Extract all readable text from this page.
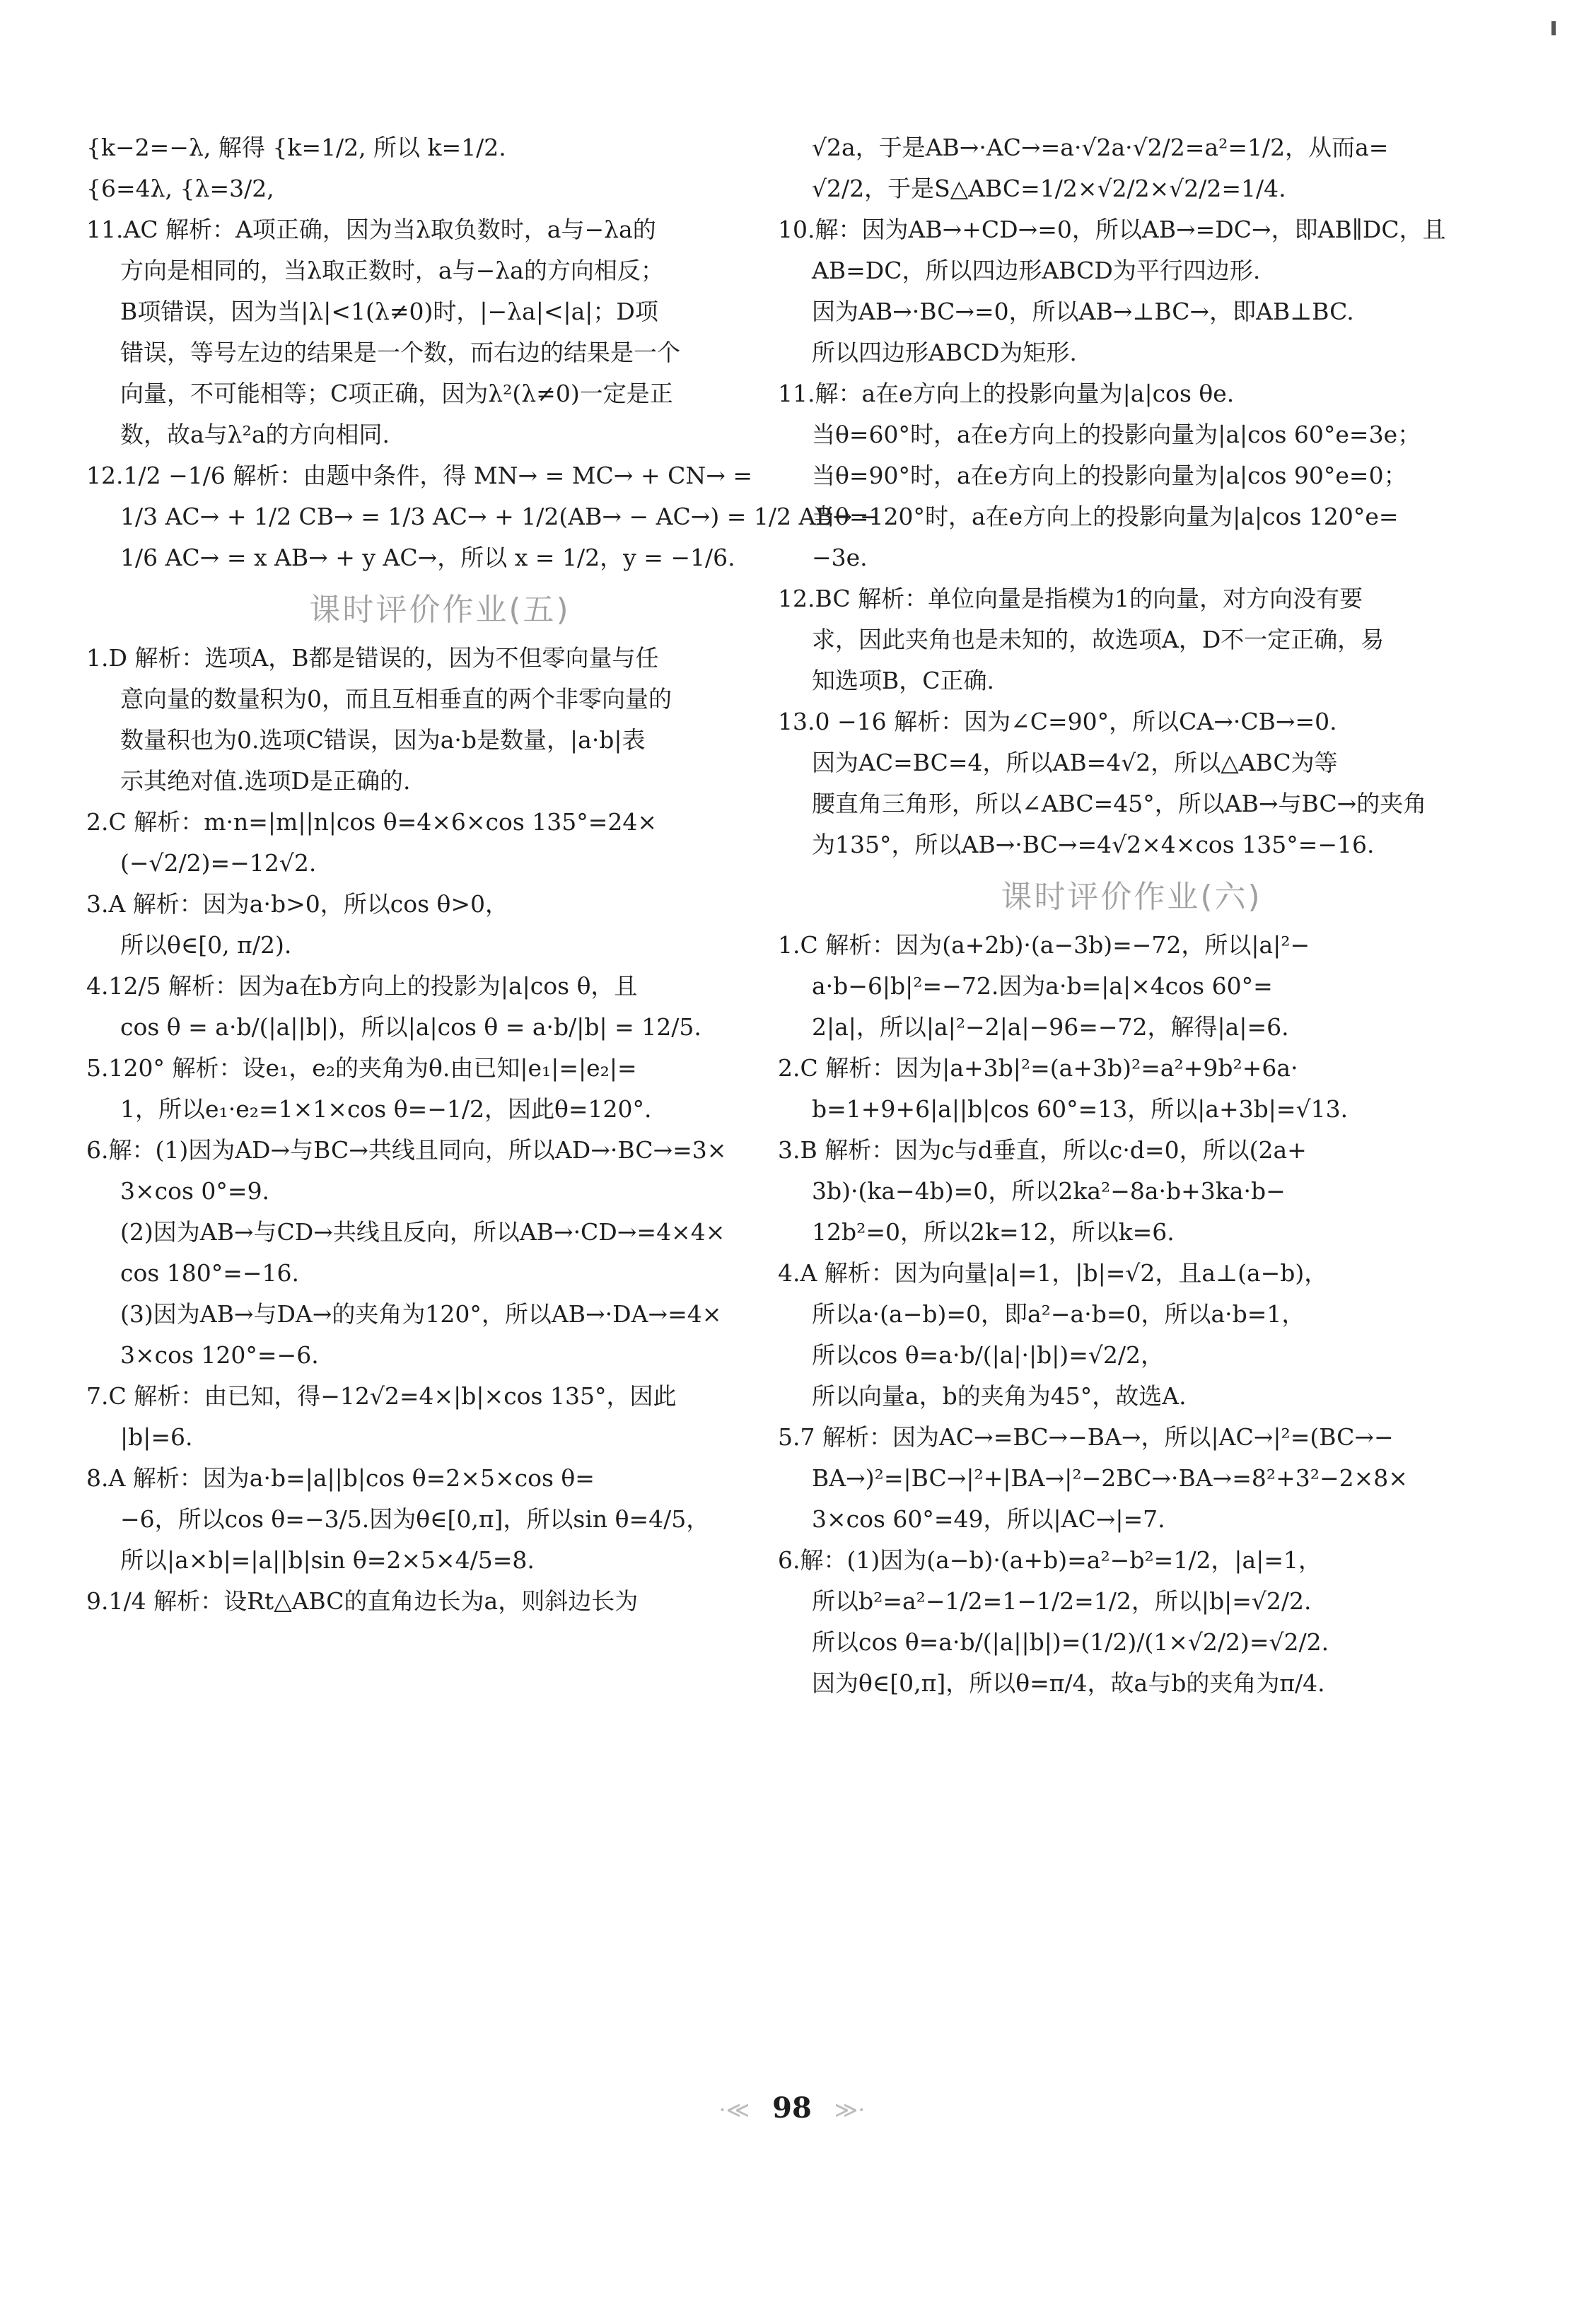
{k−2=−λ, 解得 {k=1/2, 所以 k=1/2.

{6=4λ, {λ=3/2,

11.AC 解析：A项正确，因为当λ取负数时，a与−λa的

方向是相同的，当λ取正数时，a与−λa的方向相反；

B项错误，因为当|λ|<1(λ≠0)时，|−λa|<|a|；D项

错误，等号左边的结果是一个数，而右边的结果是一个

向量，不可能相等；C项正确，因为λ²(λ≠0)一定是正

数，故a与λ²a的方向相同.

12.1/2 −1/6 解析：由题中条件，得 MN→ = MC→ + CN→ =

1/3 AC→ + 1/2 CB→ = 1/3 AC→ + 1/2(AB→ − AC→) = 1/2 AB→ −

1/6 AC→ = x AB→ + y AC→，所以 x = 1/2，y = −1/6.

课时评价作业(五)

1.D 解析：选项A，B都是错误的，因为不但零向量与任

意向量的数量积为0，而且互相垂直的两个非零向量的

数量积也为0.选项C错误，因为a·b是数量，|a·b|表

示其绝对值.选项D是正确的.

2.C 解析：m·n=|m||n|cos θ=4×6×cos 135°=24×

(−√2/2)=−12√2.

3.A 解析：因为a·b>0，所以cos θ>0，

所以θ∈[0, π/2).

4.12/5 解析：因为a在b方向上的投影为|a|cos θ，且

cos θ = a·b/(|a||b|)，所以|a|cos θ = a·b/|b| = 12/5.

5.120° 解析：设e₁，e₂的夹角为θ.由已知|e₁|=|e₂|=

1，所以e₁·e₂=1×1×cos θ=−1/2，因此θ=120°.

6.解：(1)因为AD→与BC→共线且同向，所以AD→·BC→=3×

3×cos 0°=9.

(2)因为AB→与CD→共线且反向，所以AB→·CD→=4×4×

cos 180°=−16.

(3)因为AB→与DA→的夹角为120°，所以AB→·DA→=4×

3×cos 120°=−6.

7.C 解析：由已知，得−12√2=4×|b|×cos 135°，因此

|b|=6.

8.A 解析：因为a·b=|a||b|cos θ=2×5×cos θ=

−6，所以cos θ=−3/5.因为θ∈[0,π]，所以sin θ=4/5，

所以|a×b|=|a||b|sin θ=2×5×4/5=8.

9.1/4 解析：设Rt△ABC的直角边长为a，则斜边长为

√2a，于是AB→·AC→=a·√2a·√2/2=a²=1/2，从而a=

√2/2，于是S△ABC=1/2×√2/2×√2/2=1/4.

10.解：因为AB→+CD→=0，所以AB→=DC→，即AB∥DC，且

AB=DC，所以四边形ABCD为平行四边形.

因为AB→·BC→=0，所以AB→⊥BC→，即AB⊥BC.

所以四边形ABCD为矩形.

11.解：a在e方向上的投影向量为|a|cos θe.

当θ=60°时，a在e方向上的投影向量为|a|cos 60°e=3e；

当θ=90°时，a在e方向上的投影向量为|a|cos 90°e=0；

当θ=120°时，a在e方向上的投影向量为|a|cos 120°e=

−3e.

12.BC 解析：单位向量是指模为1的向量，对方向没有要

求，因此夹角也是未知的，故选项A，D不一定正确，易

知选项B，C正确.

13.0 −16 解析：因为∠C=90°，所以CA→·CB→=0.

因为AC=BC=4，所以AB=4√2，所以△ABC为等

腰直角三角形，所以∠ABC=45°，所以AB→与BC→的夹角

为135°，所以AB→·BC→=4√2×4×cos 135°=−16.

课时评价作业(六)

1.C 解析：因为(a+2b)·(a−3b)=−72，所以|a|²−

a·b−6|b|²=−72.因为a·b=|a|×4cos 60°=

2|a|，所以|a|²−2|a|−96=−72，解得|a|=6.

2.C 解析：因为|a+3b|²=(a+3b)²=a²+9b²+6a·

b=1+9+6|a||b|cos 60°=13，所以|a+3b|=√13.

3.B 解析：因为c与d垂直，所以c·d=0，所以(2a+

3b)·(ka−4b)=0，所以2ka²−8a·b+3ka·b−

12b²=0，所以2k=12，所以k=6.

4.A 解析：因为向量|a|=1，|b|=√2，且a⊥(a−b)，

所以a·(a−b)=0，即a²−a·b=0，所以a·b=1，

所以cos θ=a·b/(|a|·|b|)=√2/2，

所以向量a，b的夹角为45°，故选A.

5.7 解析：因为AC→=BC→−BA→，所以|AC→|²=(BC→−

BA→)²=|BC→|²+|BA→|²−2BC→·BA→=8²+3²−2×8×

3×cos 60°=49，所以|AC→|=7.

6.解：(1)因为(a−b)·(a+b)=a²−b²=1/2，|a|=1，

所以b²=a²−1/2=1−1/2=1/2，所以|b|=√2/2.

所以cos θ=a·b/(|a||b|)=(1/2)/(1×√2/2)=√2/2.

因为θ∈[0,π]，所以θ=π/4，故a与b的夹角为π/4.

·≪ 98 ≫·
